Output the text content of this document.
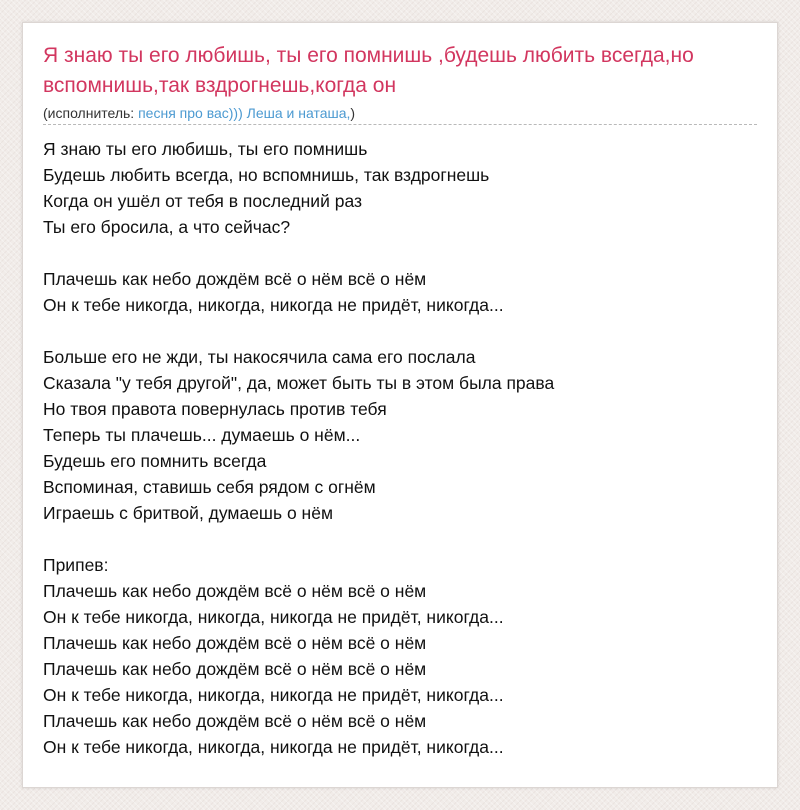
Я знаю ты его любишь, ты его помнишь ,будешь любить всегда,но вспомнишь,так вздрогнешь,когда он
(исполнитель: песня про вас))) Леша и наташа,)
Я знаю ты его любишь, ты его помнишь
Будешь любить всегда, но вспомнишь, так вздрогнешь
Когда он ушёл от тебя в последний раз
Ты его бросила, а что сейчас?
Плачешь как небо дождём всё о нём всё о нём
Он к тебе никогда, никогда, никогда не придёт, никогда...
Больше его не жди, ты накосячила сама его послала
Сказала "у тебя другой", да, может быть ты в этом была права
Но твоя правота повернулась против тебя
Теперь ты плачешь... думаешь о нём...
Будешь его помнить всегда
Вспоминая, ставишь себя рядом с огнём
Играешь с бритвой, думаешь о нём
Припев:
Плачешь как небо дождём всё о нём всё о нём
Он к тебе никогда, никогда, никогда не придёт, никогда...
Плачешь как небо дождём всё о нём всё о нём
Плачешь как небо дождём всё о нём всё о нём
Он к тебе никогда, никогда, никогда не придёт, никогда...
Плачешь как небо дождём всё о нём всё о нём
Он к тебе никогда, никогда, никогда не придёт, никогда...
